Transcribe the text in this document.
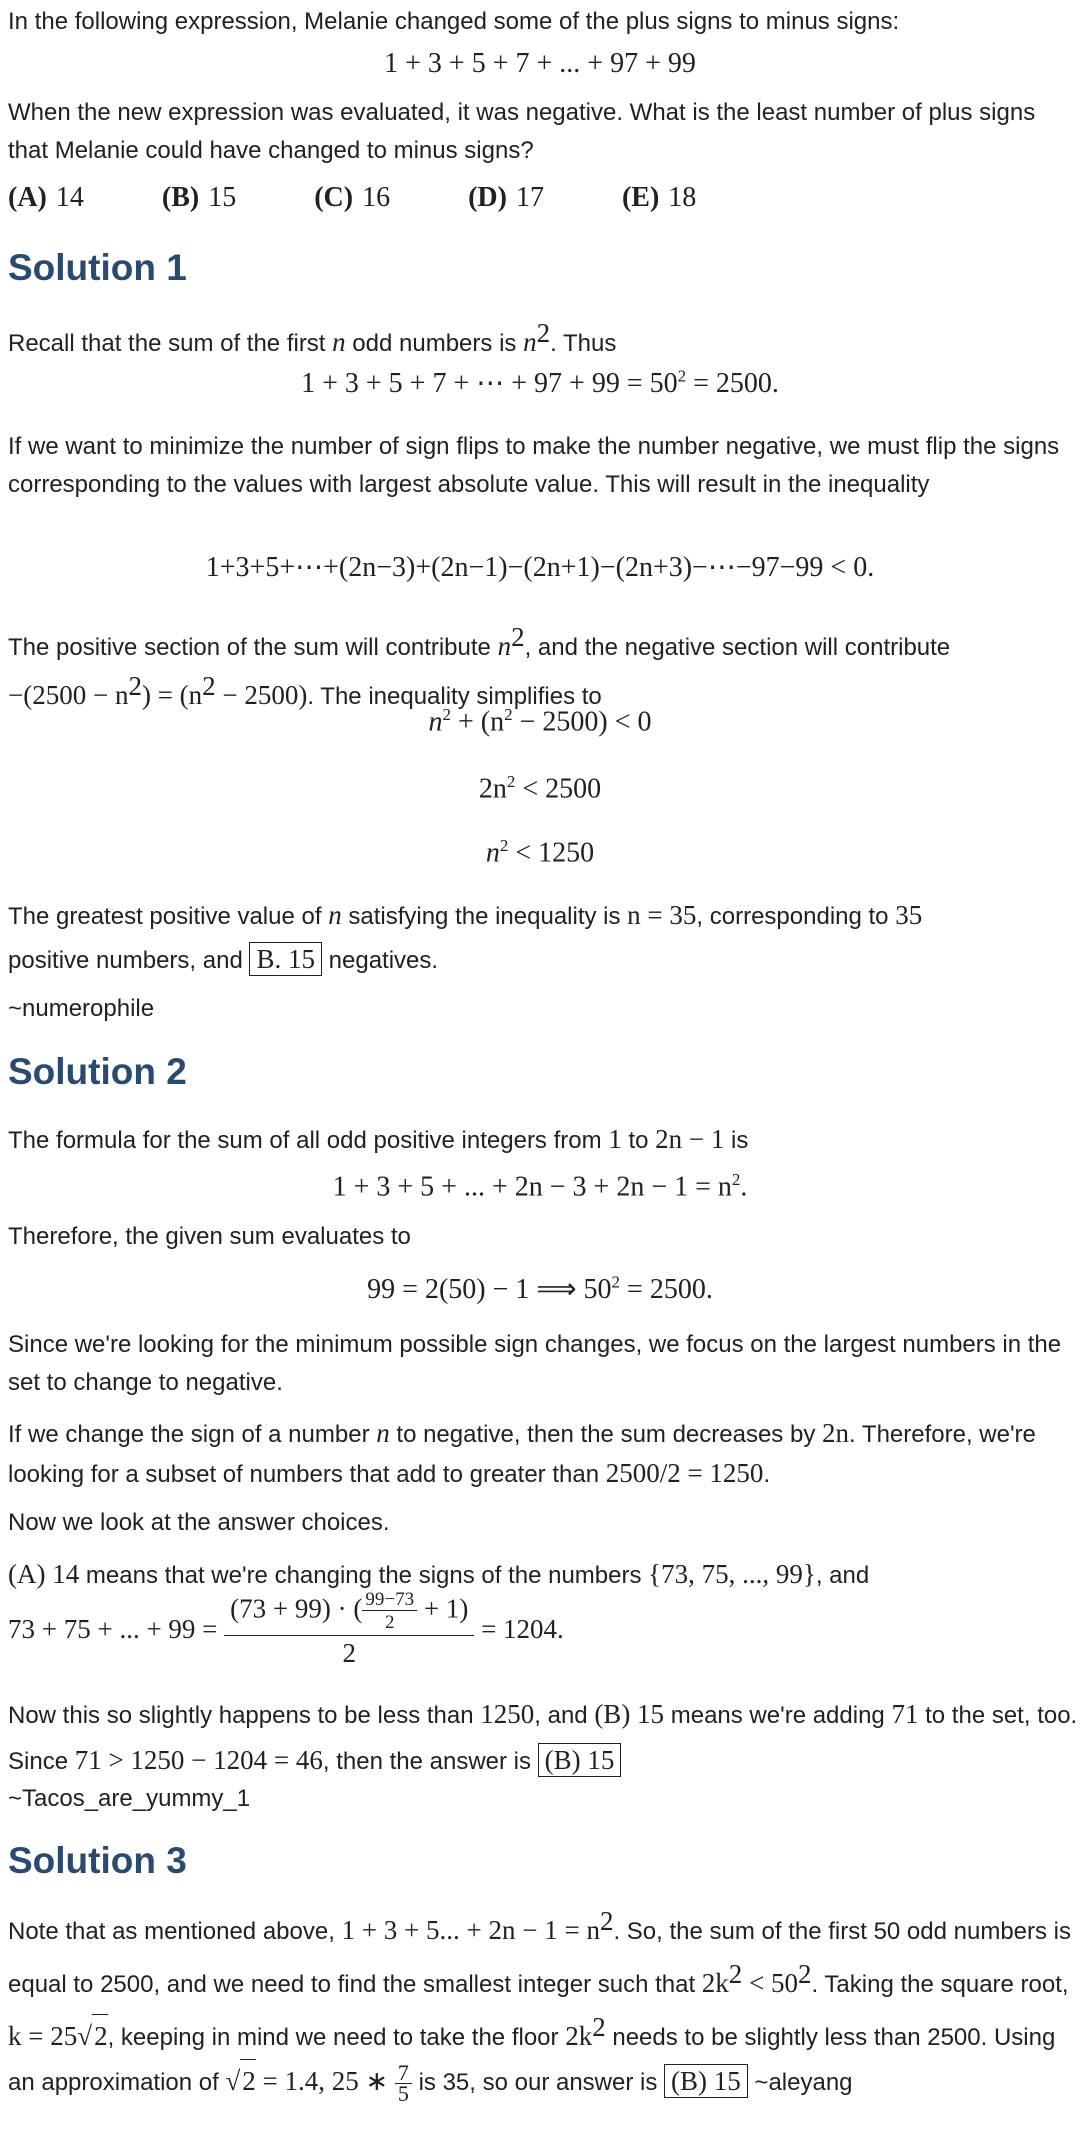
In the following expression, Melanie changed some of the plus signs to minus signs:

1 + 3 + 5 + 7 + ... + 97 + 99

When the new expression was evaluated, it was negative. What is the least number of plus signs that Melanie could have changed to minus signs?

(A) 14	(B) 15	(C) 16	(D) 17	(E) 18
Solution 1

Recall that the sum of the first n odd numbers is $n^2$. Thus

1 + 3 + 5 + 7 + ⋯ + $97 + 99 = 50^2 = 2500$.

If we want to minimize the number of sign flips to make the number negative, we must flip the signs corresponding to the values with largest absolute value. This will result in the inequality

1+3+5+⋯+(2n−3)+(2n−1)−(2n+1)−(2n+3)−⋯−97−99 < 0.

The positive section of the sum will contribute $n^2$, and the negative section will contribute
$-(2500 - n^2) = (n^2 - 2500)$. The inequality simplifies to

$n^2 + (n^2 - 2500) < 0$
$2n^2 < 2500$
$n^2 < 1250$

The greatest positive value of n satisfying the inequality is n = 35, corresponding to 35
positive numbers, and B. 15 negatives.

~numerophile

Solution 2

The formula for the sum of all odd positive integers from 1 to 2n − 1 is

1 + 3 + 5 + ... + $2n - 3 + 2n - 1 = n^2$.

Therefore, the given sum evaluates to

99 = 2(50) − 1 ⟹ $50^2 = 2500$.

Since we're looking for the minimum possible sign changes, we focus on the largest numbers in the set to change to negative.

If we change the sign of a number n to negative, then the sum decreases by 2n. Therefore, we're looking for a subset of numbers that add to greater than 2500/2 = 1250.

Now we look at the answer choices.

(A) 14 means that we're changing the signs of the numbers {73, 75, ..., 99}, and

73 + 75 + ... + $99 = \frac{(73 + 99) \cdot ( \frac{99-73}{2} + 1)}{2} = 1204$.

Now this so slightly happens to be less than 1250, and (B) 15 means we're adding 71 to the set, too. Since 71 > 1250 − 1204 = 46, then the answer is (B) 15

~Tacos_are_yummy_1

Solution 3

Note that as mentioned above, 1 + 3 + 5... + $2n - 1 = n^2$. So, the sum of the first 50 odd numbers is equal to 2500, and we need to find the smallest integer such that $2k^2 < 50^2$. Taking the square root, k = 25√2, keeping in mind we need to take the floor $2k^2$ needs to be slightly less than 2500. Using an approximation of √2 = 1.4, 25 ∗ $\frac{7}{5}$ is 35, so our answer is (B) 15 ~aleyang
